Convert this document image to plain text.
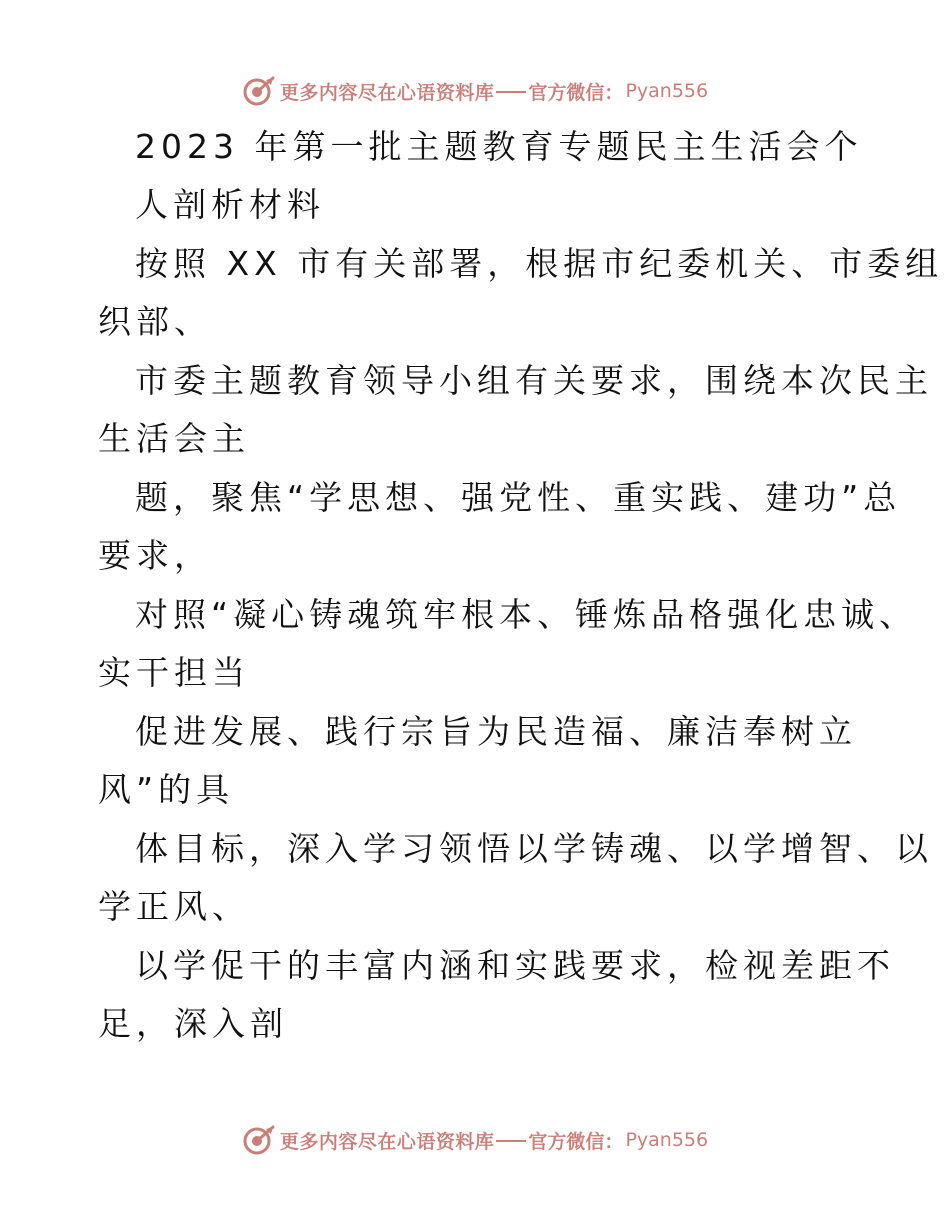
更多内容尽在心语资料库 官方微信： Pyan556
2023 年第一批主题教育专题民主生活会个
人剖析材料
按照 XX 市有关部署，根据市纪委机关、市委组
织部、
市委主题教育领导小组有关要求，围绕本次民主
生活会主
题，聚焦“学思想、强党性、重实践、建功”总
要求，
对照“凝心铸魂筑牢根本、锤炼品格强化忠诚、
实干担当
促进发展、践行宗旨为民造福、廉洁奉树立
风”的具
体目标，深入学习领悟以学铸魂、以学增智、以
学正风、
以学促干的丰富内涵和实践要求，检视差距不
足，深入剖
更多内容尽在心语资料库 官方微信： Pyan556
